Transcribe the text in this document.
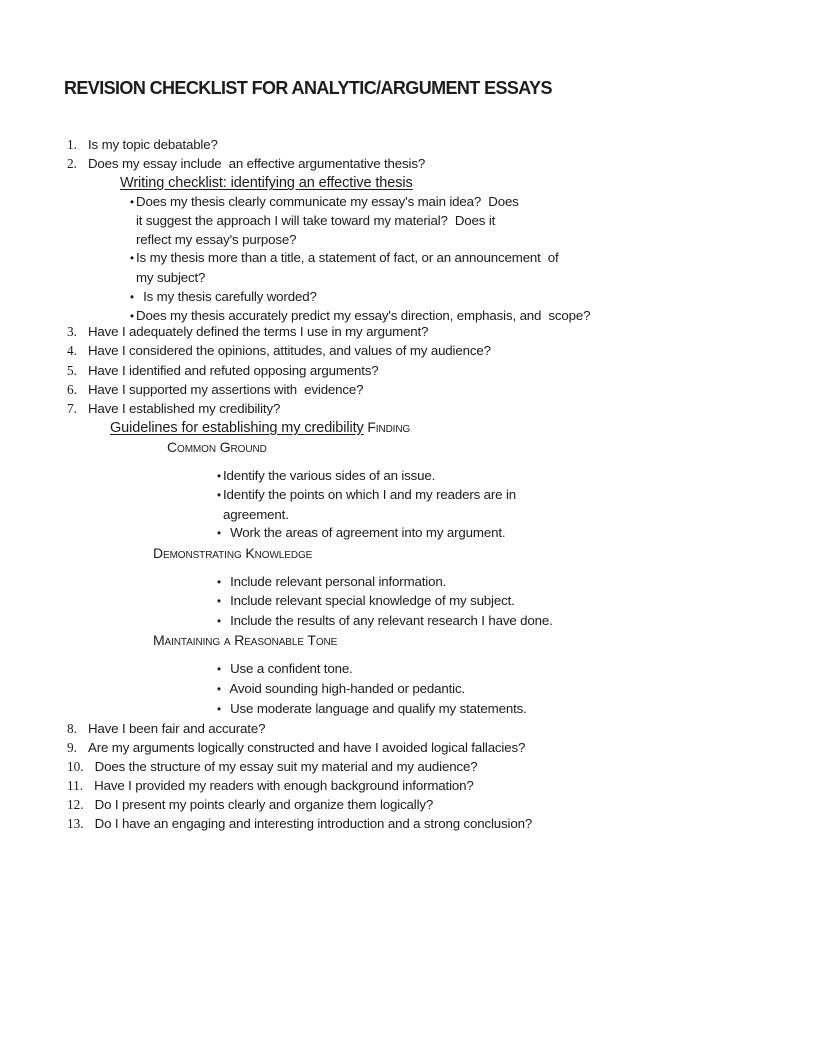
REVISION CHECKLIST FOR ANALYTIC/ARGUMENT ESSAYS
1. Is my topic debatable?
2. Does my essay include  an effective argumentative thesis?
Writing checklist: identifying an effective thesis
• Does my thesis clearly communicate my essay's main idea?  Does
it suggest the approach I will take toward my material?  Does it
reflect my essay's purpose?
• Is my thesis more than a title, a statement of fact, or an announcement  of
my subject?
•  Is my thesis carefully worded?
• Does my thesis accurately predict my essay's direction, emphasis, and  scope?
3. Have I adequately defined the terms I use in my argument?
4. Have I considered the opinions, attitudes, and values of my audience?
5. Have I identified and refuted opposing arguments?
6. Have I supported my assertions with  evidence?
7. Have I established my credibility?
Guidelines for establishing my credibility Finding
Common Ground
• Identify the various sides of an issue.
• Identify the points on which I and my readers are in
agreement.
•  Work the areas of agreement into my argument.
Demonstrating Knowledge
•  Include relevant personal information.
•  Include relevant special knowledge of my subject.
•  Include the results of any relevant research I have done.
Maintaining a Reasonable Tone
•  Use a confident tone.
•  Avoid sounding high-handed or pedantic.
•  Use moderate language and qualify my statements.
8. Have I been fair and accurate?
9. Are my arguments logically constructed and have I avoided logical fallacies?
10. Does the structure of my essay suit my material and my audience?
11. Have I provided my readers with enough background information?
12. Do I present my points clearly and organize them logically?
13. Do I have an engaging and interesting introduction and a strong conclusion?
